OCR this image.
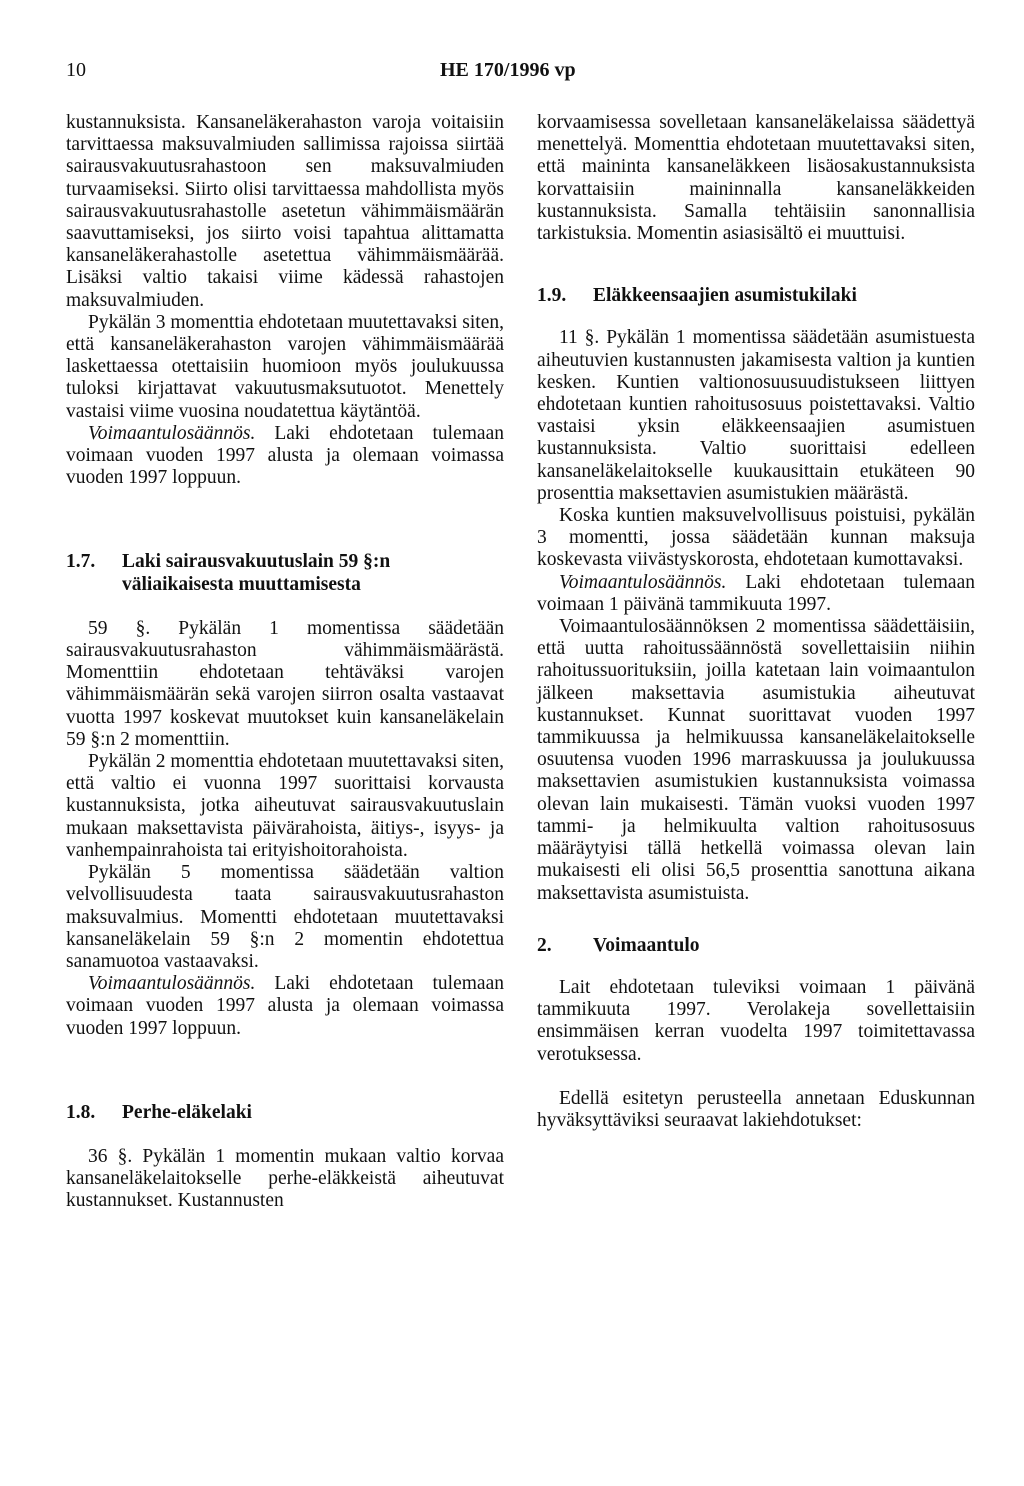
10	HE 170/1996 vp

kustannuksista. Kansaneläkerahaston varoja voitaisiin tarvittaessa maksuvalmiuden sallimissa rajoissa siirtää sairausvakuutusrahastoon sen maksuvalmiuden turvaamiseksi. Siirto olisi tarvittaessa mahdollista myös sairausvakuutusrahastolle asetetun vähimmäismäärän saavuttamiseksi, jos siirto voisi tapahtua alittamatta kansaneläkerahastolle asetettua vähimmäismäärää. Lisäksi valtio takaisi viime kädessä rahastojen maksuvalmiuden.

Pykälän 3 momenttia ehdotetaan muutettavaksi siten, että kansaneläkerahaston varojen vähimmäismäärää laskettaessa otettaisiin huomioon myös joulukuussa tuloksi kirjattavat vakuutusmaksutuotot. Menettely vastaisi viime vuosina noudatettua käytäntöä.

Voimaantulosäännös. Laki ehdotetaan tulemaan voimaan vuoden 1997 alusta ja olemaan voimassa vuoden 1997 loppuun.

1.7.	Laki sairausvakuutuslain 59 §:n väliaikaisesta muuttamisesta

59 §. Pykälän 1 momentissa säädetään sairausvakuutusrahaston vähimmäismäärästä. Momenttiin ehdotetaan tehtäväksi varojen vähimmäismäärän sekä varojen siirron osalta vastaavat vuotta 1997 koskevat muutokset kuin kansaneläkelain 59 §:n 2 momenttiin.

Pykälän 2 momenttia ehdotetaan muutettavaksi siten, että valtio ei vuonna 1997 suorittaisi korvausta kustannuksista, jotka aiheutuvat sairausvakuutuslain mukaan maksettavista päivärahoista, äitiys-, isyys- ja vanhempainrahoista tai erityishoitorahoista.

Pykälän 5 momentissa säädetään valtion velvollisuudesta taata sairausvakuutusrahaston maksuvalmius. Momentti ehdotetaan muutettavaksi kansaneläkelain 59 §:n 2 momentin ehdotettua sanamuotoa vastaavaksi.

Voimaantulosäännös. Laki ehdotetaan tulemaan voimaan vuoden 1997 alusta ja olemaan voimassa vuoden 1997 loppuun.

1.8.	Perhe-eläkelaki

36 §. Pykälän 1 momentin mukaan valtio korvaa kansaneläkelaitokselle perhe-eläkkeistä aiheutuvat kustannukset. Kustannusten

korvaamisessa sovelletaan kansaneläkelaissa säädettyä menettelyä. Momenttia ehdotetaan muutettavaksi siten, että maininta kansaneläkkeen lisäosakustannuksista korvattaisiin maininnalla kansaneläkkeiden kustannuksista. Samalla tehtäisiin sanonnallisia tarkistuksia. Momentin asiasisältö ei muuttuisi.

1.9.	Eläkkeensaajien asumistukilaki

11 §. Pykälän 1 momentissa säädetään asumistuesta aiheutuvien kustannusten jakamisesta valtion ja kuntien kesken. Kuntien valtionosuusuudistukseen liittyen ehdotetaan kuntien rahoitusosuus poistettavaksi. Valtio vastaisi yksin eläkkeensaajien asumistuen kustannuksista. Valtio suorittaisi edelleen kansaneläkelaitokselle kuukausittain etukäteen 90 prosenttia maksettavien asumistukien määrästä.

Koska kuntien maksuvelvollisuus poistuisi, pykälän 3 momentti, jossa säädetään kunnan maksuja koskevasta viivästyskorosta, ehdotetaan kumottavaksi.

Voimaantulosäännös. Laki ehdotetaan tulemaan voimaan 1 päivänä tammikuuta 1997.

Voimaantulosäännöksen 2 momentissa säädettäisiin, että uutta rahoitussäännöstä sovellettaisiin niihin rahoitussuorituksiin, joilla katetaan lain voimaantulon jälkeen maksettavia asumistukia aiheutuvat kustannukset. Kunnat suorittavat vuoden 1997 tammikuussa ja helmikuussa kansaneläkelaitokselle osuutensa vuoden 1996 marraskuussa ja joulukuussa maksettavien asumistukien kustannuksista voimassa olevan lain mukaisesti. Tämän vuoksi vuoden 1997 tammi- ja helmikuulta valtion rahoitusosuus määräytyisi tällä hetkellä voimassa olevan lain mukaisesti eli olisi 56,5 prosenttia sanottuna aikana maksettavista asumistuista.

2.	Voimaantulo

Lait ehdotetaan tuleviksi voimaan 1 päivänä tammikuuta 1997. Verolakeja sovellettaisiin ensimmäisen kerran vuodelta 1997 toimitettavassa verotuksessa.

Edellä esitetyn perusteella annetaan Eduskunnan hyväksyttäviksi seuraavat lakiehdotukset:
